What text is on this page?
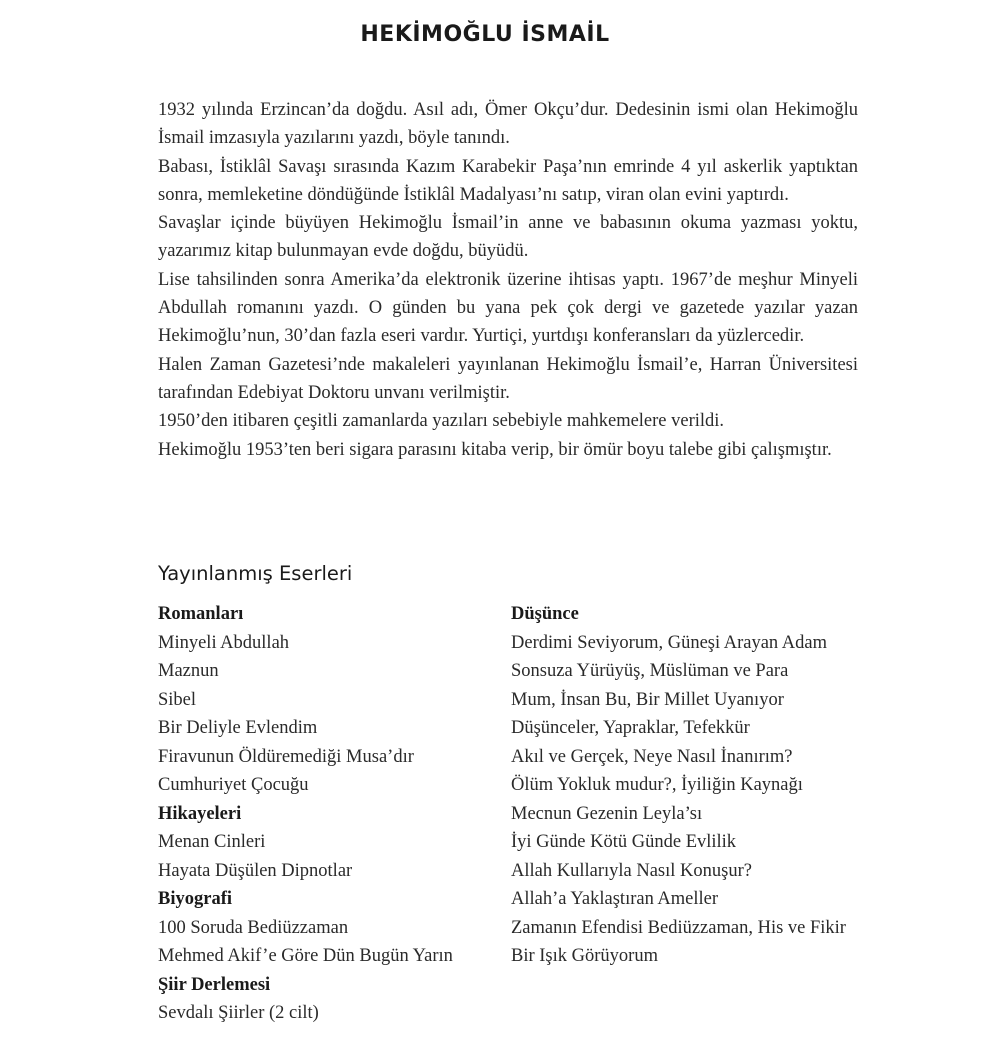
HEKİMOĞLU İSMAİL

1932 yılında Erzincan’da doğdu. Asıl adı, Ömer Okçu’dur. Dedesinin ismi olan Hekimoğlu İsmail imzasıyla yazılarını yazdı, böyle tanındı.

Babası, İstiklâl Savaşı sırasında Kazım Karabekir Paşa’nın emrinde 4 yıl askerlik yaptıktan sonra, memleketine döndüğünde İstiklâl Madalyası’nı satıp, viran olan evini yaptırdı.

Savaşlar içinde büyüyen Hekimoğlu İsmail’in anne ve babasının okuma yazması yoktu, yazarımız kitap bulunmayan evde doğdu, büyüdü.

Lise tahsilinden sonra Amerika’da elektronik üzerine ihtisas yaptı. 1967’de meşhur Minyeli Abdullah romanını yazdı. O günden bu yana pek çok dergi ve gazetede yazılar yazan Hekimoğlu’nun, 30’dan fazla eseri vardır. Yurtiçi, yurtdışı konferansları da yüzlercedir.

Halen Zaman Gazetesi’nde makaleleri yayınlanan Hekimoğlu İsmail’e, Harran Üniversitesi tarafından Edebiyat Doktoru unvanı verilmiştir.

1950’den itibaren çeşitli zamanlarda yazıları sebebiyle mahkemelere verildi.

Hekimoğlu 1953’ten beri sigara parasını kitaba verip, bir ömür boyu talebe gibi çalışmıştır.

Yayınlanmış Eserleri
Romanları
Minyeli Abdullah
Maznun
Sibel
Bir Deliyle Evlendim
Firavunun Öldüremediği Musa’dır
Cumhuriyet Çocuğu
Hikayeleri
Menan Cinleri
Hayata Düşülen Dipnotlar
Biyografi
100 Soruda Bediüzzaman
Mehmed Akif’e Göre Dün Bugün Yarın
Şiir Derlemesi
Sevdalı Şiirler (2 cilt)
Düşünce
Derdimi Seviyorum, Güneşi Arayan Adam
Sonsuza Yürüyüş, Müslüman ve Para
Mum, İnsan Bu, Bir Millet Uyanıyor
Düşünceler, Yapraklar, Tefekkür
Akıl ve Gerçek, Neye Nasıl İnanırım?
Ölüm Yokluk mudur?, İyiliğin Kaynağı
Mecnun Gezenin Leyla’sı
İyi Günde Kötü Günde Evlilik
Allah Kullarıyla Nasıl Konuşur?
Allah’a Yaklaştıran Ameller
Zamanın Efendisi Bediüzzaman, His ve Fikir
Bir Işık Görüyorum
